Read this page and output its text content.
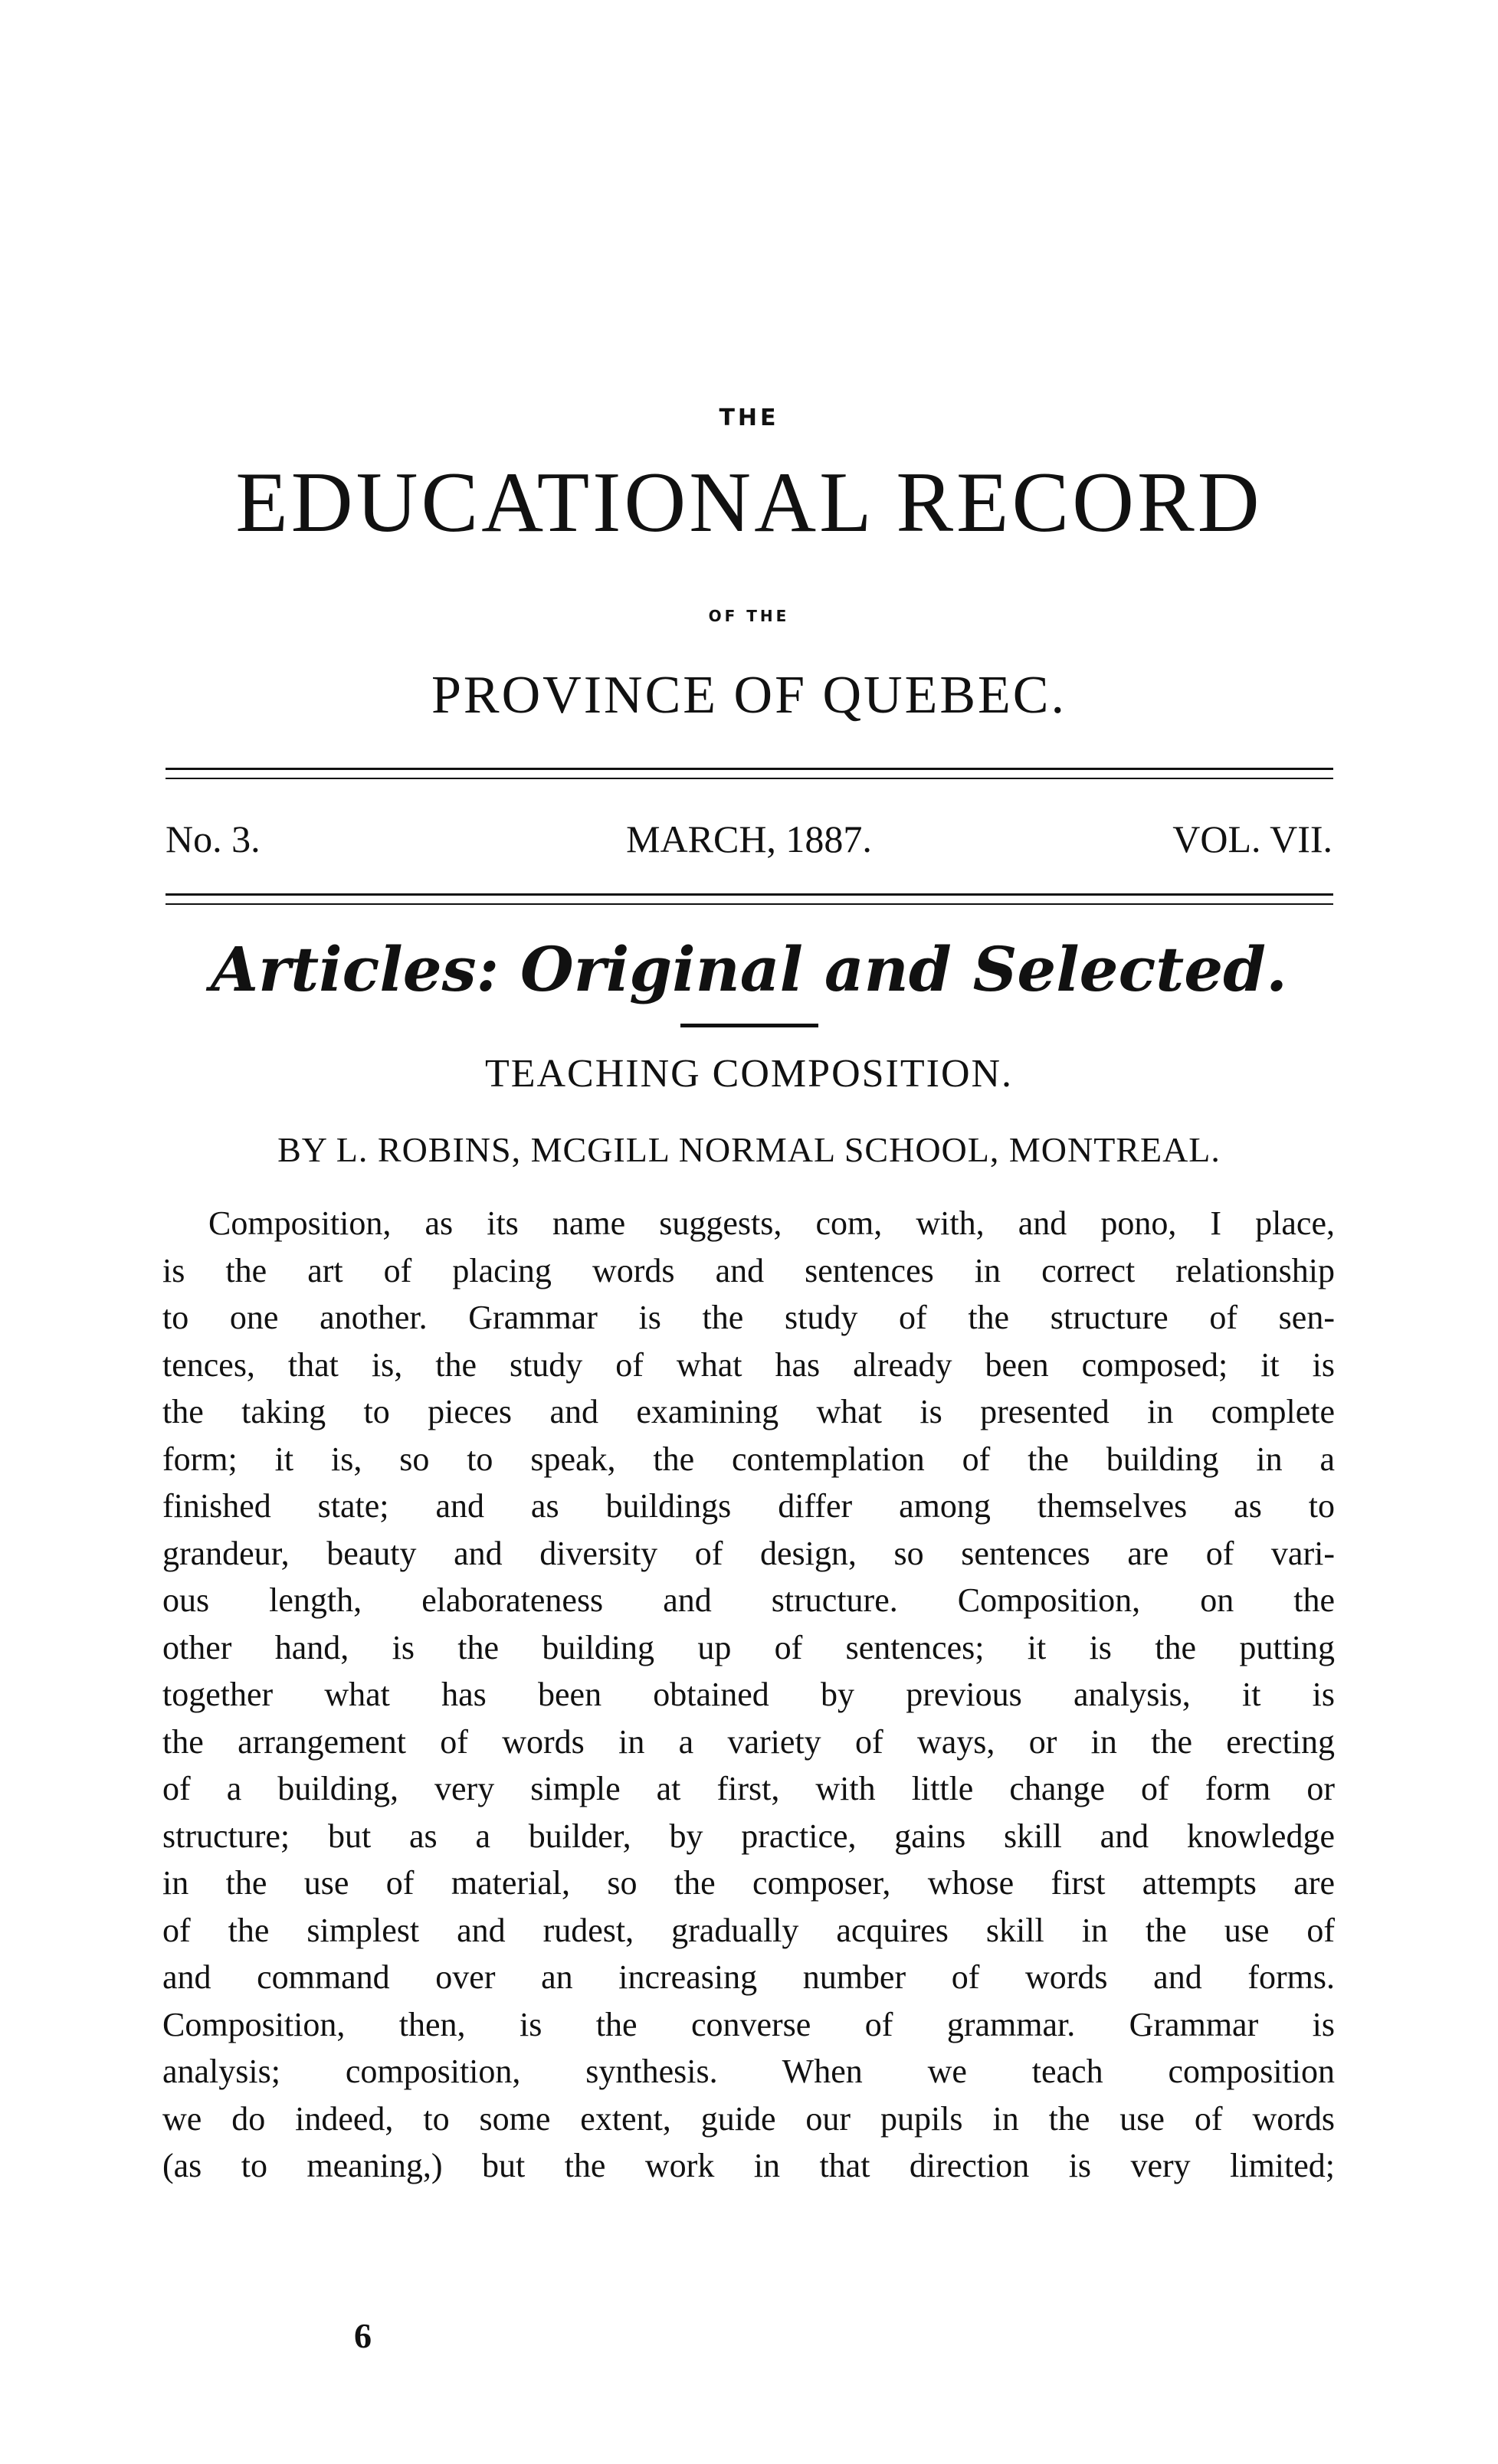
THE
EDUCATIONAL RECORD
OF THE
PROVINCE OF QUEBEC.
No. 3.	MARCH, 1887.	VOL. VII.
Articles: Original and Selected.
TEACHING COMPOSITION.
BY L. ROBINS, MCGILL NORMAL SCHOOL, MONTREAL.
Composition, as its name suggests, com, with, and pono, I place,
is the art of placing words and sentences in correct relationship
to one another. Grammar is the study of the structure of sen-
tences, that is, the study of what has already been composed; it is
the taking to pieces and examining what is presented in complete
form; it is, so to speak, the contemplation of the building in a
finished state; and as buildings differ among themselves as to
grandeur, beauty and diversity of design, so sentences are of vari-
ous length, elaborateness and structure. Composition, on the
other hand, is the building up of sentences; it is the putting
together what has been obtained by previous analysis, it is
the arrangement of words in a variety of ways, or in the erecting
of a building, very simple at first, with little change of form or
structure; but as a builder, by practice, gains skill and knowledge
in the use of material, so the composer, whose first attempts are
of the simplest and rudest, gradually acquires skill in the use of
and command over an increasing number of words and forms.
Composition, then, is the converse of grammar. Grammar is
analysis; composition, synthesis. When we teach composition
we do indeed, to some extent, guide our pupils in the use of words
(as to meaning,) but the work in that direction is very limited;
6
